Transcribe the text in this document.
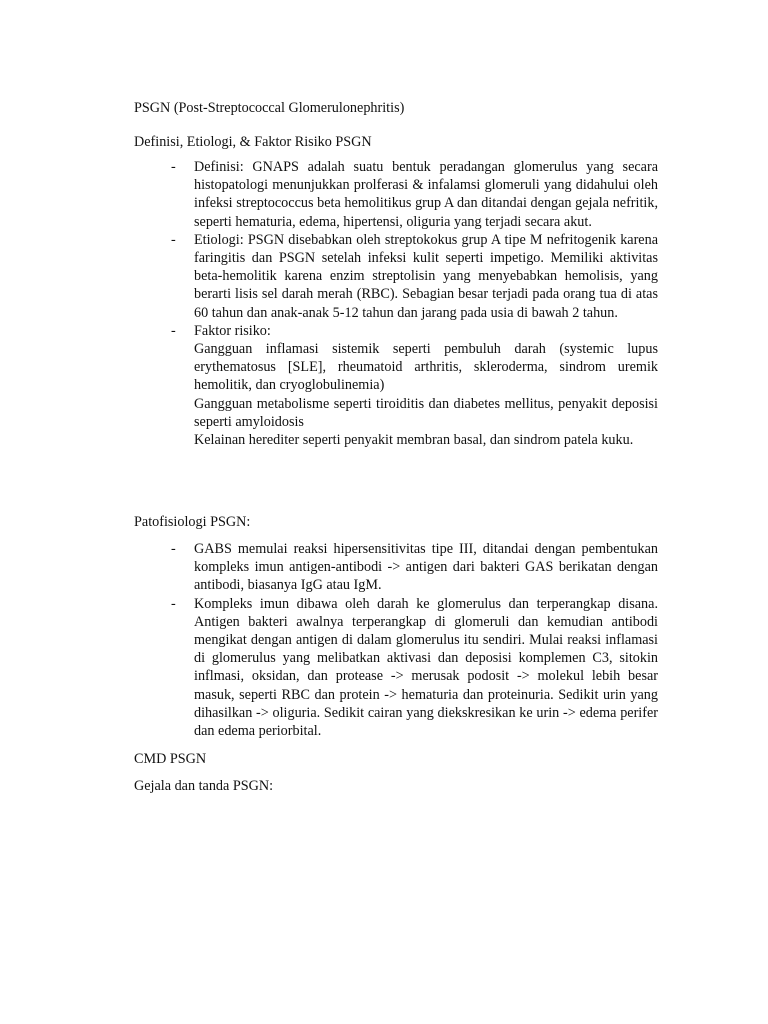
PSGN (Post-Streptococcal Glomerulonephritis)
Definisi, Etiologi, & Faktor Risiko PSGN
- Definisi: GNAPS adalah suatu bentuk peradangan glomerulus yang secara histopatologi menunjukkan prolferasi & infalamsi glomeruli yang didahului oleh infeksi streptococcus beta hemolitikus grup A dan ditandai dengan gejala nefritik, seperti hematuria, edema, hipertensi, oliguria yang terjadi secara akut.

- Etiologi: PSGN disebabkan oleh streptokokus grup A tipe M nefritogenik karena faringitis dan PSGN setelah infeksi kulit seperti impetigo. Memiliki aktivitas beta-hemolitik karena enzim streptolisin yang menyebabkan hemolisis, yang berarti lisis sel darah merah (RBC). Sebagian besar terjadi pada orang tua di atas 60 tahun dan anak-anak 5-12 tahun dan jarang pada usia di bawah 2 tahun.

- Faktor risiko:

Gangguan inflamasi sistemik seperti pembuluh darah (systemic lupus erythematosus [SLE], rheumatoid arthritis, skleroderma, sindrom uremik hemolitik, dan cryoglobulinemia)

Gangguan metabolisme seperti tiroiditis dan diabetes mellitus, penyakit deposisi seperti amyloidosis

Kelainan herediter seperti penyakit membran basal, dan sindrom patela kuku.

Patofisiologi PSGN:
- GABS memulai reaksi hipersensitivitas tipe III, ditandai dengan pembentukan kompleks imun antigen-antibodi -> antigen dari bakteri GAS berikatan dengan antibodi, biasanya IgG atau IgM.

- Kompleks imun dibawa oleh darah ke glomerulus dan terperangkap disana. Antigen bakteri awalnya terperangkap di glomeruli dan kemudian antibodi mengikat dengan antigen di dalam glomerulus itu sendiri. Mulai reaksi inflamasi di glomerulus yang melibatkan aktivasi dan deposisi komplemen C3, sitokin inflmasi, oksidan, dan protease -> merusak podosit -> molekul lebih besar masuk, seperti RBC dan protein -> hematuria dan proteinuria. Sedikit urin yang dihasilkan -> oliguria. Sedikit cairan yang diekskresikan ke urin -> edema perifer dan edema periorbital.

CMD PSGN
Gejala dan tanda PSGN:
